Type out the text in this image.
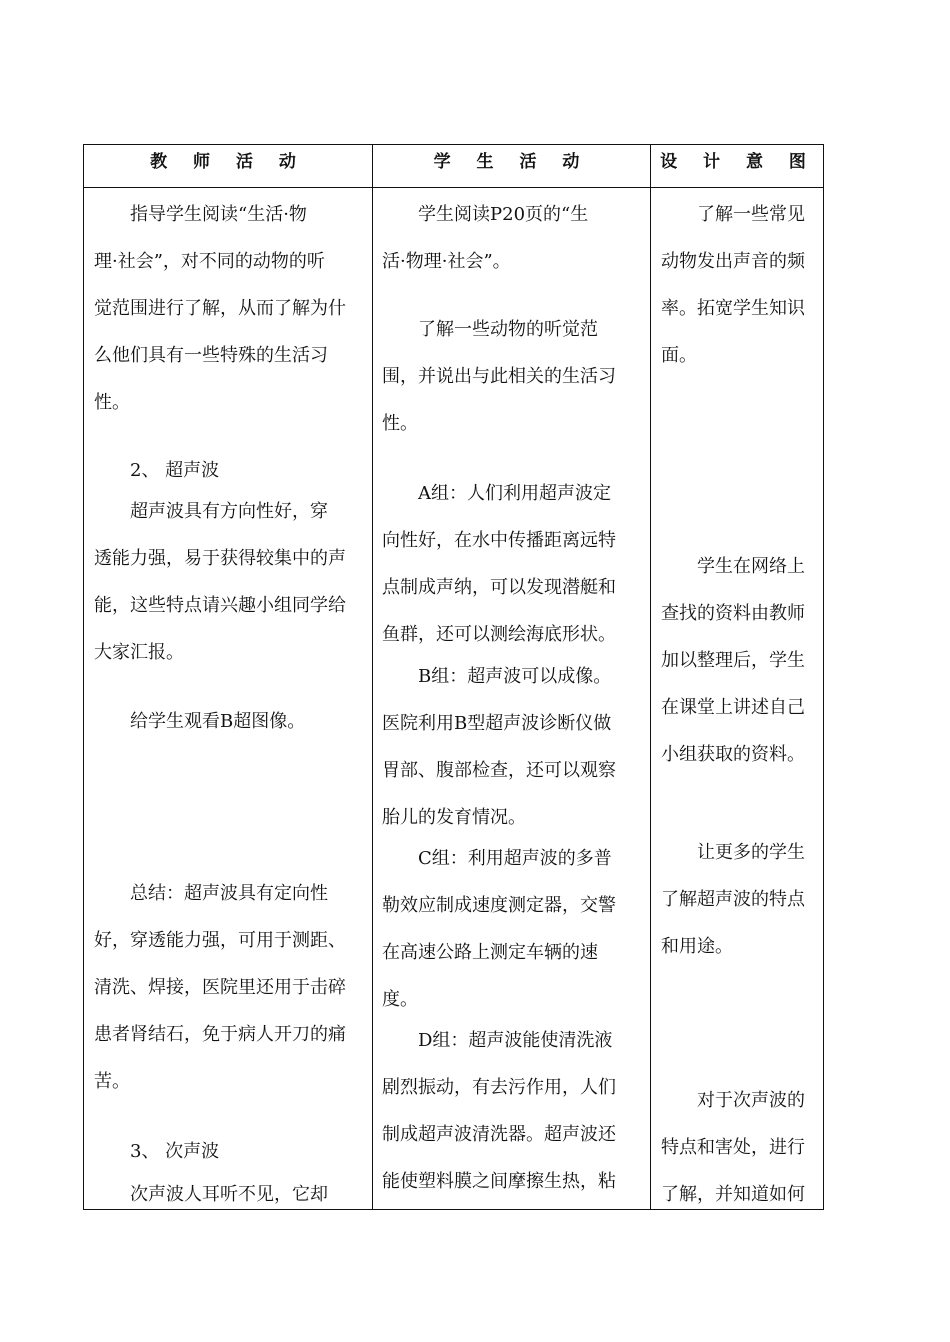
教 师 活 动	学 生 活 动	设 计 意 图
　　指导学生阅读“生活·物
理·社会”，对不同的动物的听
觉范围进行了解，从而了解为什
么他们具有一些特殊的生活习
性。
　　2、 超声波
　　超声波具有方向性好，穿
透能力强，易于获得较集中的声
能，这些特点请兴趣小组同学给
大家汇报。
　　给学生观看B超图像。
　　总结：超声波具有定向性
好，穿透能力强，可用于测距、
清洗、焊接，医院里还用于击碎
患者肾结石，免于病人开刀的痛
苦。
　　3、 次声波
　　次声波人耳听不见，它却
　　学生阅读P20页的“生
活·物理·社会”。
　　了解一些动物的听觉范
围，并说出与此相关的生活习
性。
　　A组：人们利用超声波定
向性好，在水中传播距离远特
点制成声纳，可以发现潜艇和
鱼群，还可以测绘海底形状。
　　B组：超声波可以成像。
医院利用B型超声波诊断仪做
胃部、腹部检查，还可以观察
胎儿的发育情况。
　　C组：利用超声波的多普
勒效应制成速度测定器，交警
在高速公路上测定车辆的速
度。
　　D组：超声波能使清洗液
剧烈振动，有去污作用，人们
制成超声波清洗器。超声波还
能使塑料膜之间摩擦生热，粘
　　了解一些常见
动物发出声音的频
率。拓宽学生知识
面。
　　学生在网络上
查找的资料由教师
加以整理后，学生
在课堂上讲述自己
小组获取的资料。
　　让更多的学生
了解超声波的特点
和用途。
　　对于次声波的
特点和害处，进行
了解，并知道如何
